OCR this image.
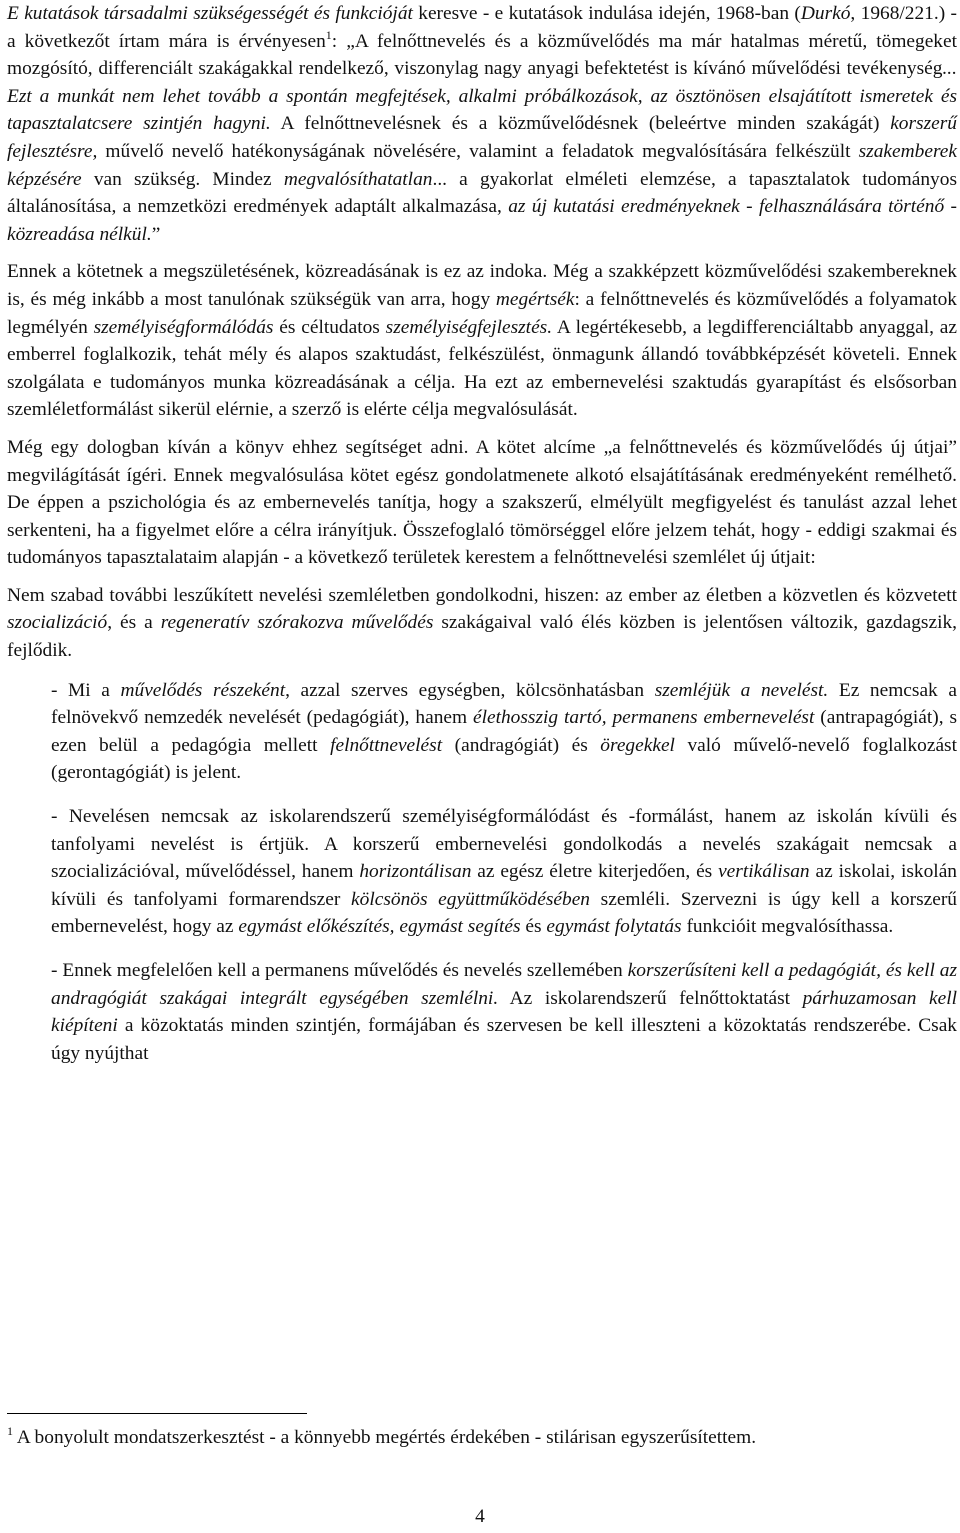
E kutatások társadalmi szükségességét és funkcióját keresve - e kutatások indulása idején, 1968-ban (Durkó, 1968/221.) - a következőt írtam mára is érvényesen$^1$: „A felnőttnevelés és a közművelődés ma már hatalmas méretű, tömegeket mozgósító, differenciált szakágakkal rendelkező, viszonylag nagy anyagi befektetést is kívánó művelődési tevékenység... Ezt a munkát nem lehet tovább a spontán megfejtések, alkalmi próbálkozások, az ösztönösen elsajátított ismeretek és tapasztalatcsere szintjén hagyni. A felnőttnevelésnek és a közművelődésnek (beleértve minden szakágát) korszerű fejlesztésre, művelő nevelő hatékonyságának növelésére, valamint a feladatok megvalósítására felkészült szakemberek képzésére van szükség. Mindez megvalósíthatatlan... a gyakorlat elméleti elemzése, a tapasztalatok tudományos általánosítása, a nemzetközi eredmények adaptált alkalmazása, az új kutatási eredményeknek - felhasználására történő - közreadása nélkül.”

Ennek a kötetnek a megszületésének, közreadásának is ez az indoka. Még a szakképzett közművelődési szakembereknek is, és még inkább a most tanulónak szükségük van arra, hogy megértsék: a felnőttnevelés és közművelődés a folyamatok legmélyén személyiségformálódás és céltudatos személyiségfejlesztés. A legértékesebb, a legdifferenciáltabb anyaggal, az emberrel foglalkozik, tehát mély és alapos szaktudást, felkészülést, önmagunk állandó továbbképzését követeli. Ennek szolgálata e tudományos munka közreadásának a célja. Ha ezt az embernevelési szaktudás gyarapítást és elsősorban szemléletformálást sikerül elérnie, a szerző is elérte célja megvalósulását.

Még egy dologban kíván a könyv ehhez segítséget adni. A kötet alcíme „a felnőttnevelés és közművelődés új útjai” megvilágítását ígéri. Ennek megvalósulása kötet egész gondolatmenete alkotó elsajátításának eredményeként remélhető. De éppen a pszichológia és az embernevelés tanítja, hogy a szakszerű, elmélyült megfigyelést és tanulást azzal lehet serkenteni, ha a figyelmet előre a célra irányítjuk. Összefoglaló tömörséggel előre jelzem tehát, hogy - eddigi szakmai és tudományos tapasztalataim alapján - a következő területek kerestem a felnőttnevelési szemlélet új útjait:

Nem szabad további leszűkített nevelési szemléletben gondolkodni, hiszen: az ember az életben a közvetlen és közvetett szocializáció, és a regeneratív szórakozva művelődés szakágaival való élés közben is jelentősen változik, gazdagszik, fejlődik.

- Mi a művelődés részeként, azzal szerves egységben, kölcsönhatásban szemléjük a nevelést. Ez nemcsak a felnövekvő nemzedék nevelését (pedagógiát), hanem élethosszig tartó, permanens embernevelést (antrapagógiát), s ezen belül a pedagógia mellett felnőttnevelést (andragógiát) és öregekkel való művelő-nevelő foglalkozást (gerontagógiát) is jelent.

- Nevelésen nemcsak az iskolarendszerű személyiségformálódást és -formálást, hanem az iskolán kívüli és tanfolyami nevelést is értjük. A korszerű embernevelési gondolkodás a nevelés szakágait nemcsak a szocializációval, művelődéssel, hanem horizontálisan az egész életre kiterjedően, és vertikálisan az iskolai, iskolán kívüli és tanfolyami formarendszer kölcsönös együttműködésében szemléli. Szervezni is úgy kell a korszerű embernevelést, hogy az egymást előkészítés, egymást segítés és egymást folytatás funkcióit megvalósíthassa.

- Ennek megfelelően kell a permanens művelődés és nevelés szellemében korszerűsíteni kell a pedagógiát, és kell az andragógiát szakágai integrált egységében szemlélni. Az iskolarendszerű felnőttoktatást párhuzamosan kell kiépíteni a közoktatás minden szintjén, formájában és szervesen be kell illeszteni a közoktatás rendszerébe. Csak úgy nyújthat

$^1$ A bonyolult mondatszerkesztést - a könnyebb megértés érdekében - stilárisan egyszerűsítettem.
4
